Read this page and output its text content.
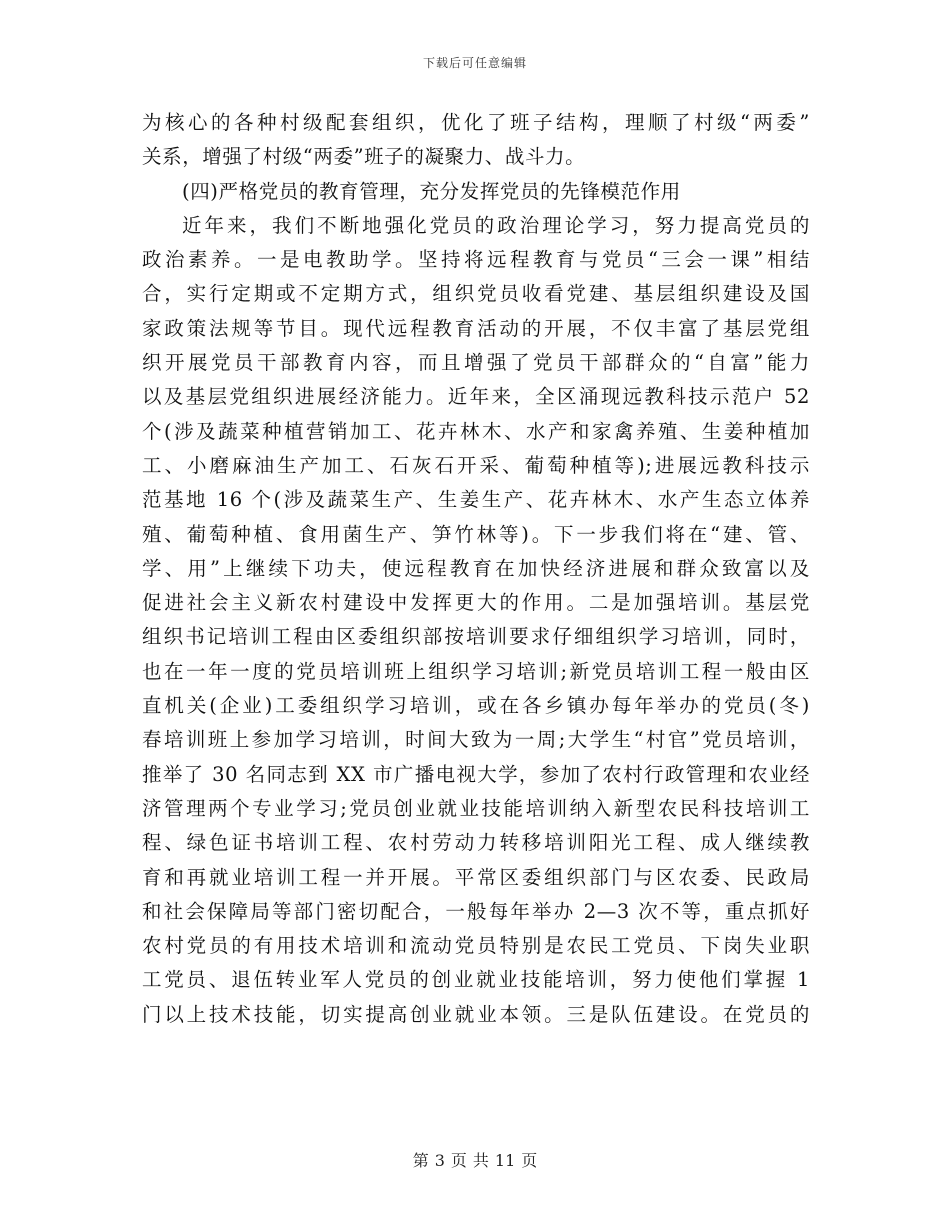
下载后可任意编辑
为核心的各种村级配套组织，优化了班子结构，理顺了村级“两委”
关系，增强了村级“两委”班子的凝聚力、战斗力。
(四)严格党员的教育管理，充分发挥党员的先锋模范作用
近年来，我们不断地强化党员的政治理论学习，努力提高党员的
政治素养。一是电教助学。坚持将远程教育与党员“三会一课”相结
合，实行定期或不定期方式，组织党员收看党建、基层组织建设及国
家政策法规等节目。现代远程教育活动的开展，不仅丰富了基层党组
织开展党员干部教育内容，而且增强了党员干部群众的“自富”能力
以及基层党组织进展经济能力。近年来，全区涌现远教科技示范户 52
个(涉及蔬菜种植营销加工、花卉林木、水产和家禽养殖、生姜种植加
工、小磨麻油生产加工、石灰石开采、葡萄种植等);进展远教科技示
范基地 16 个(涉及蔬菜生产、生姜生产、花卉林木、水产生态立体养
殖、葡萄种植、食用菌生产、笋竹林等)。下一步我们将在“建、管、
学、用”上继续下功夫，使远程教育在加快经济进展和群众致富以及
促进社会主义新农村建设中发挥更大的作用。二是加强培训。基层党
组织书记培训工程由区委组织部按培训要求仔细组织学习培训，同时，
也在一年一度的党员培训班上组织学习培训;新党员培训工程一般由区
直机关(企业)工委组织学习培训，或在各乡镇办每年举办的党员(冬)
春培训班上参加学习培训，时间大致为一周;大学生“村官”党员培训，
推举了 30 名同志到 XX 市广播电视大学，参加了农村行政管理和农业经
济管理两个专业学习;党员创业就业技能培训纳入新型农民科技培训工
程、绿色证书培训工程、农村劳动力转移培训阳光工程、成人继续教
育和再就业培训工程一并开展。平常区委组织部门与区农委、民政局
和社会保障局等部门密切配合，一般每年举办 2—3 次不等，重点抓好
农村党员的有用技术培训和流动党员特别是农民工党员、下岗失业职
工党员、退伍转业军人党员的创业就业技能培训，努力使他们掌握 1
门以上技术技能，切实提高创业就业本领。三是队伍建设。在党员的
第 3 页 共 11 页
